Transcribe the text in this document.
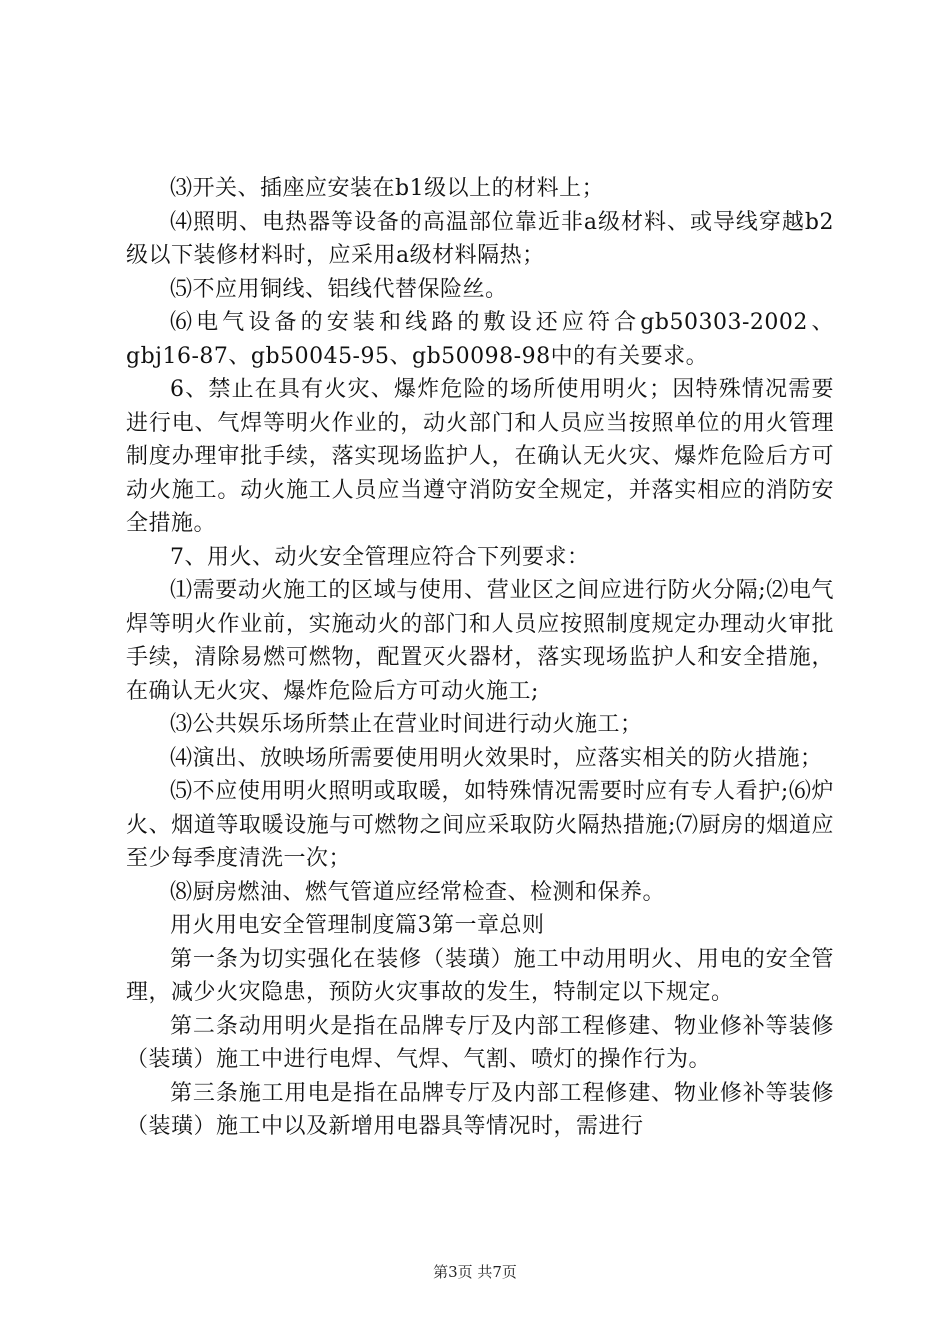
⑶开关、插座应安装在b1级以上的材料上；

⑷照明、电热器等设备的高温部位靠近非a级材料、或导线穿越b2级以下装修材料时，应采用a级材料隔热；

⑸不应用铜线、铝线代替保险丝。

⑹电气设备的安装和线路的敷设还应符合gb50303-2002、gbj16-87、gb50045-95、gb50098-98中的有关要求。

6、禁止在具有火灾、爆炸危险的场所使用明火；因特殊情况需要进行电、气焊等明火作业的，动火部门和人员应当按照单位的用火管理制度办理审批手续，落实现场监护人，在确认无火灾、爆炸危险后方可动火施工。动火施工人员应当遵守消防安全规定，并落实相应的消防安全措施。

7、用火、动火安全管理应符合下列要求：

⑴需要动火施工的区域与使用、营业区之间应进行防火分隔;⑵电气焊等明火作业前，实施动火的部门和人员应按照制度规定办理动火审批手续，清除易燃可燃物，配置灭火器材，落实现场监护人和安全措施，在确认无火灾、爆炸危险后方可动火施工;

⑶公共娱乐场所禁止在营业时间进行动火施工；

⑷演出、放映场所需要使用明火效果时，应落实相关的防火措施；

⑸不应使用明火照明或取暖，如特殊情况需要时应有专人看护;⑹炉火、烟道等取暖设施与可燃物之间应采取防火隔热措施;⑺厨房的烟道应至少每季度清洗一次；

⑻厨房燃油、燃气管道应经常检查、检测和保养。

用火用电安全管理制度篇3第一章总则

第一条为切实强化在装修（装璜）施工中动用明火、用电的安全管理，减少火灾隐患，预防火灾事故的发生，特制定以下规定。

第二条动用明火是指在品牌专厅及内部工程修建、物业修补等装修（装璜）施工中进行电焊、气焊、气割、喷灯的操作行为。

第三条施工用电是指在品牌专厅及内部工程修建、物业修补等装修（装璜）施工中以及新增用电器具等情况时，需进行

第3页 共7页
